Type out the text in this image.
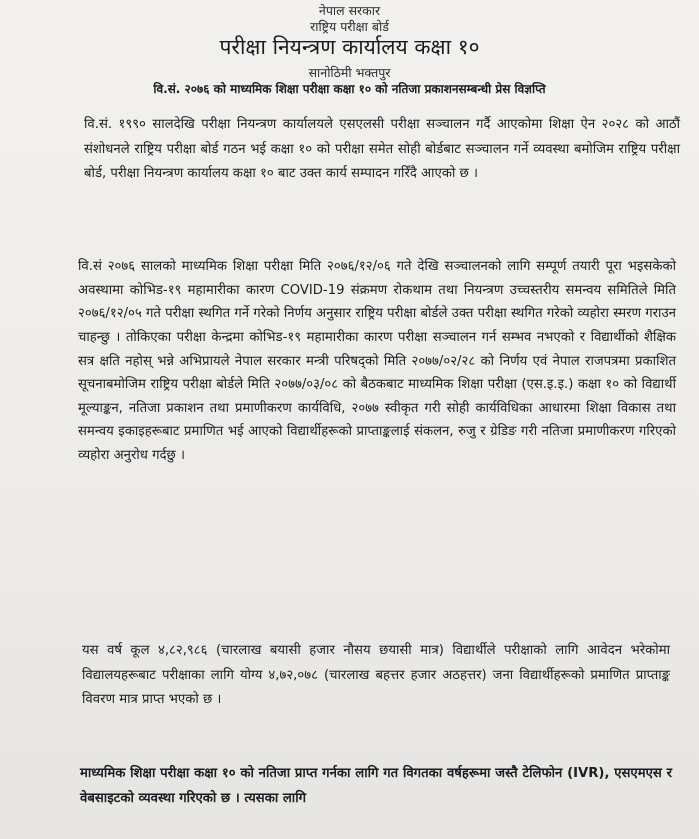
नेपाल सरकार
राष्ट्रिय परीक्षा बोर्ड
परीक्षा नियन्त्रण कार्यालय कक्षा १०
सानोठिमी भक्तपुर
वि.सं. २०७६ को माध्यमिक शिक्षा परीक्षा कक्षा १० को नतिजा प्रकाशनसम्बन्धी प्रेस विज्ञप्ति

वि.सं. १९९० सालदेखि परीक्षा नियन्त्रण कार्यालयले एसएलसी परीक्षा सञ्चालन गर्दै आएकोमा शिक्षा ऐन २०२८ को आठौं संशोधनले राष्ट्रिय परीक्षा बोर्ड गठन भई कक्षा १० को परीक्षा समेत सोही बोर्डबाट सञ्चालन गर्ने व्यवस्था बमोजिम राष्ट्रिय परीक्षा बोर्ड, परीक्षा नियन्त्रण कार्यालय कक्षा १० बाट उक्त कार्य सम्पादन गरिँदै आएको छ ।

वि.सं २०७६ सालको माध्यमिक शिक्षा परीक्षा मिति २०७६/१२/०६ गते देखि सञ्चालनको लागि सम्पूर्ण तयारी पूरा भइसकेको अवस्थामा कोभिड-१९ महामारीका कारण COVID-19 संक्रमण रोकथाम तथा नियन्त्रण उच्चस्तरीय समन्वय समितिले मिति २०७६/१२/०५ गते परीक्षा स्थगित गर्ने गरेको निर्णय अनुसार राष्ट्रिय परीक्षा बोर्डले उक्त परीक्षा स्थगित गरेको व्यहोरा स्मरण गराउन चाहन्छु । तोकिएका परीक्षा केन्द्रमा कोभिड-१९ महामारीका कारण परीक्षा सञ्चालन गर्न सम्भव नभएको र विद्यार्थीको शैक्षिक सत्र क्षति नहोस् भन्ने अभिप्रायले नेपाल सरकार मन्त्री परिषद्को मिति २०७७/०२/२८ को निर्णय एवं नेपाल राजपत्रमा प्रकाशित सूचनाबमोजिम राष्ट्रिय परीक्षा बोर्डले मिति २०७७/०३/०८ को बैठकबाट माध्यमिक शिक्षा परीक्षा (एस.इ.इ.) कक्षा १० को विद्यार्थी मूल्याङ्कन, नतिजा प्रकाशन तथा प्रमाणीकरण कार्यविधि, २०७७ स्वीकृत गरी सोही कार्यविधिका आधारमा शिक्षा विकास तथा समन्वय इकाइहरूबाट प्रमाणित भई आएको विद्यार्थीहरूको प्राप्ताङ्कलाई संकलन, रुजु र ग्रेडिङ गरी नतिजा प्रमाणीकरण गरिएको व्यहोरा अनुरोध गर्दछु ।

यस वर्ष कूल ४,८२,९८६ (चारलाख बयासी हजार नौसय छयासी मात्र) विद्यार्थीले परीक्षाको लागि आवेदन भरेकोमा विद्यालयहरूबाट परीक्षाका लागि योग्य ४,७२,०७८ (चारलाख बहत्तर हजार अठहत्तर) जना विद्यार्थीहरूको प्रमाणित प्राप्ताङ्क विवरण मात्र प्राप्त भएको छ ।

माध्यमिक शिक्षा परीक्षा कक्षा १० को नतिजा प्राप्त गर्नका लागि गत विगतका वर्षहरूमा जस्तै टेलिफोन (IVR), एसएमएस र वेबसाइटको व्यवस्था गरिएको छ । त्यसका लागि
